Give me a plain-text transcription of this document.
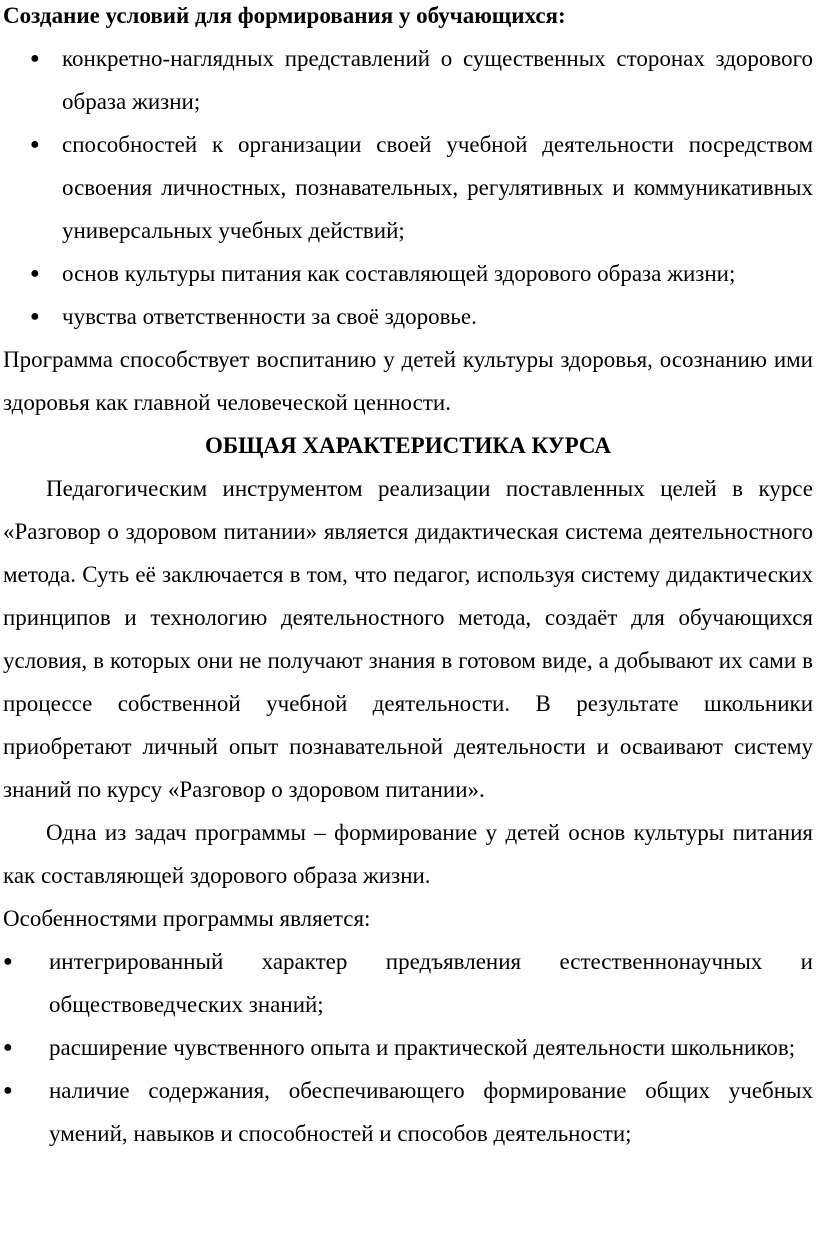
Создание условий для формирования у обучающихся:

● конкретно-наглядных представлений о существенных сторонах здорового образа жизни;
● способностей к организации своей учебной деятельности посредством освоения личностных, познавательных, регулятивных и коммуникативных универсальных учебных действий;
● основ культуры питания как составляющей здорового образа жизни;
● чувства ответственности за своё здоровье.

Программа способствует воспитанию у детей культуры здоровья, осознанию ими здоровья как главной человеческой ценности.

ОБЩАЯ ХАРАКТЕРИСТИКА КУРСА

Педагогическим инструментом реализации поставленных целей в курсе «Разговор о здоровом питании» является дидактическая система деятельностного метода. Суть её заключается в том, что педагог, используя систему дидактических принципов и технологию деятельностного метода, создаёт для обучающихся условия, в которых они не получают знания в готовом виде, а добывают их сами в процессе собственной учебной деятельности. В результате школьники приобретают личный опыт познавательной деятельности и осваивают систему знаний по курсу «Разговор о здоровом питании».

Одна из задач программы – формирование у детей основ культуры питания как составляющей здорового образа жизни.

Особенностями программы является:

● интегрированный характер предъявления естественнонаучных и обществоведческих знаний;
● расширение чувственного опыта и практической деятельности школьников;
● наличие содержания, обеспечивающего формирование общих учебных умений, навыков и способностей и способов деятельности;
